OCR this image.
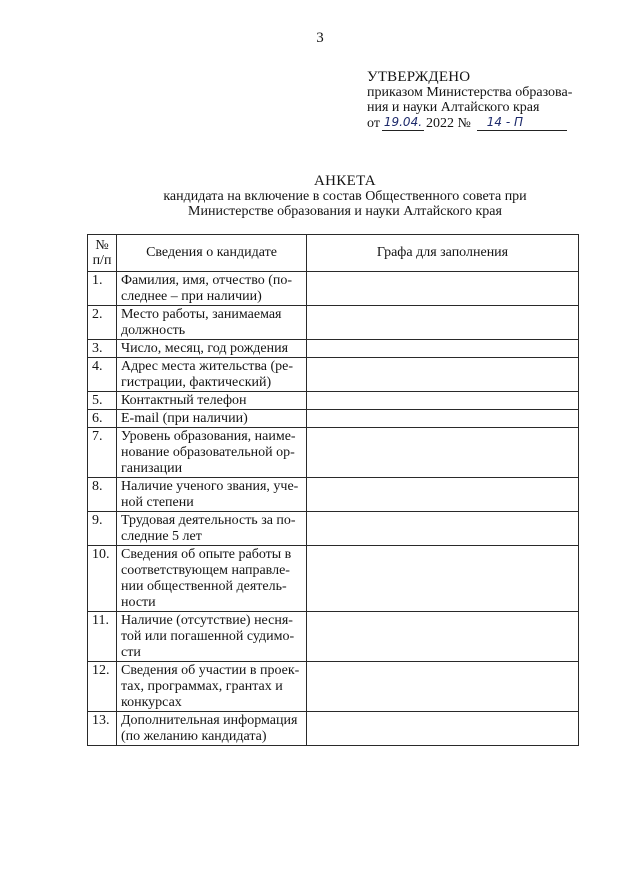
3
УТВЕРЖДЕНО
приказом Министерства образова-
ния и науки Алтайского края
от 19.04. 2022 №	14 - П
АНКЕТА
кандидата на включение в состав Общественного совета при
Министерстве образования и науки Алтайского края
№
п/п	Сведения о кандидате	Графа для заполнения
1.	Фамилия, имя, отчество (по-
следнее – при наличии)	
2.	Место работы, занимаемая
должность	
3.	Число, месяц, год рождения	
4.	Адрес места жительства (ре-
гистрации, фактический)	
5.	Контактный телефон	
6.	E-mail (при наличии)	
7.	Уровень образования, наиме-
нование образовательной ор-
ганизации	
8.	Наличие ученого звания, уче-
ной степени	
9.	Трудовая деятельность за по-
следние 5 лет	
10.	Сведения об опыте работы в
соответствующем направле-
нии общественной деятель-
ности	
11.	Наличие (отсутствие) несня-
той или погашенной судимо-
сти	
12.	Сведения об участии в проек-
тах, программах, грантах и
конкурсах	
13.	Дополнительная информация
(по желанию кандидата)	
